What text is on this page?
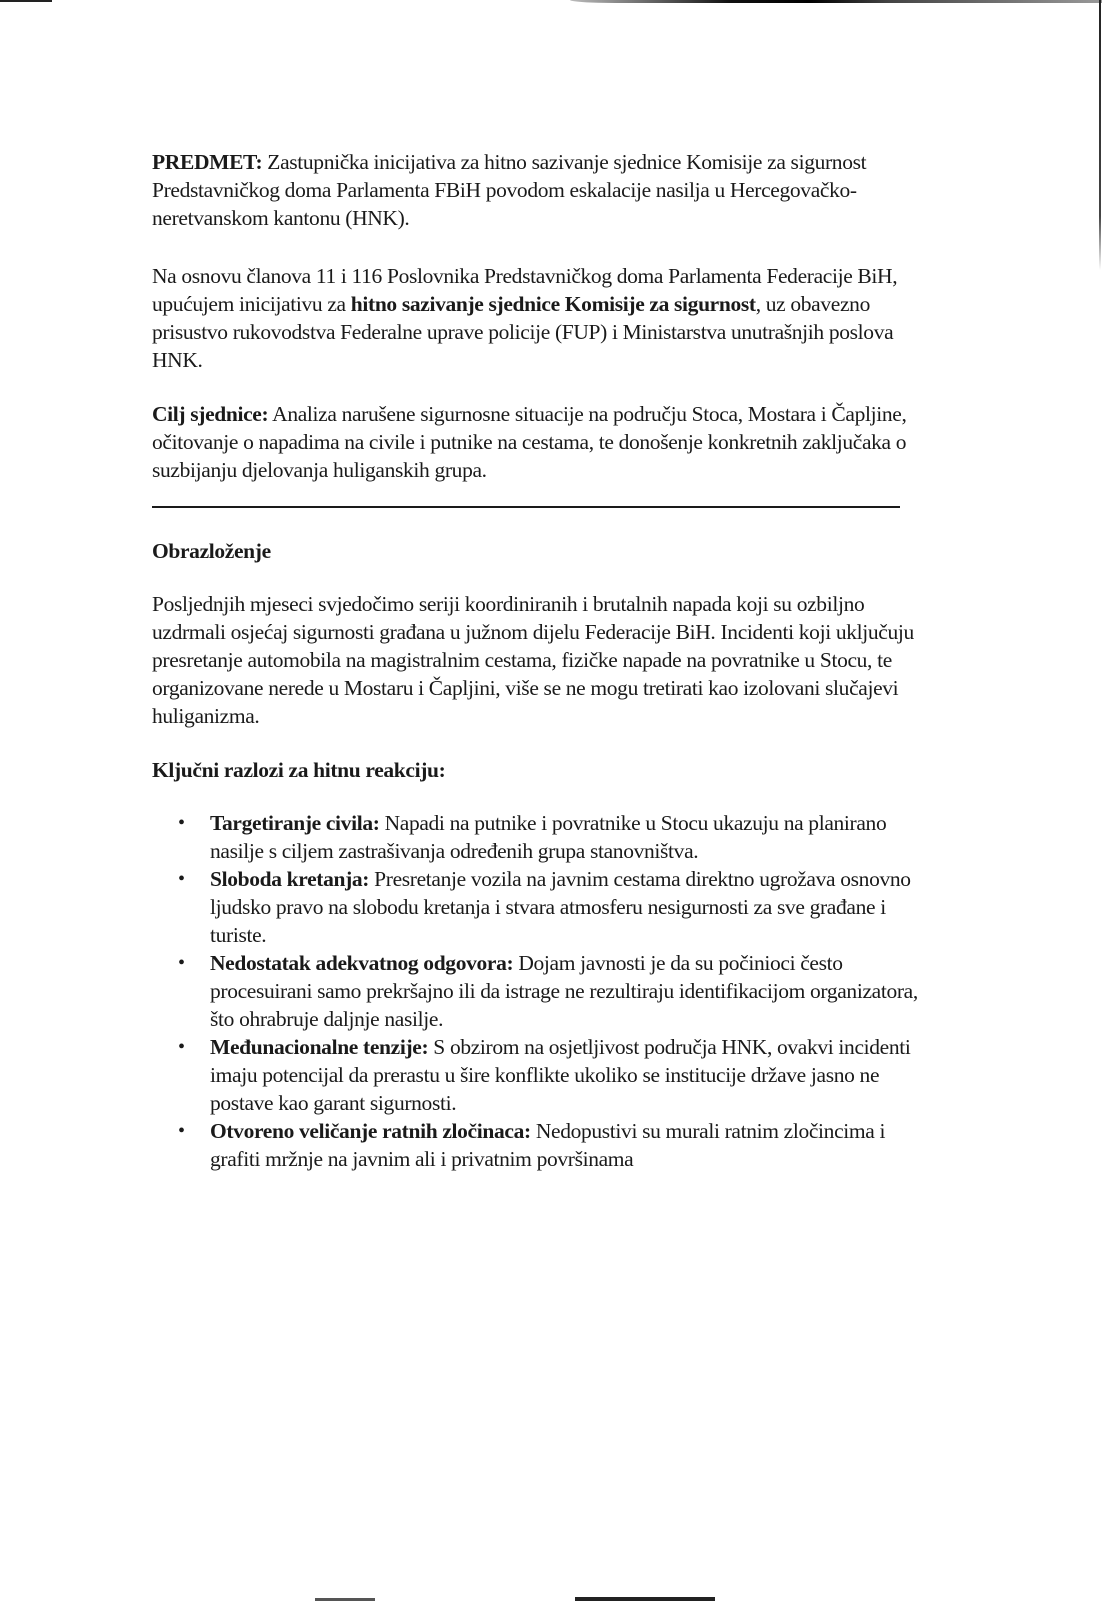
PREDMET: Zastupnička inicijativa za hitno sazivanje sjednice Komisije za sigurnost Predstavničkog doma Parlamenta FBiH povodom eskalacije nasilja u Hercegovačko-neretvanskom kantonu (HNK).

Na osnovu članova 11 i 116 Poslovnika Predstavničkog doma Parlamenta Federacije BiH, upućujem inicijativu za hitno sazivanje sjednice Komisije za sigurnost, uz obavezno prisustvo rukovodstva Federalne uprave policije (FUP) i Ministarstva unutrašnjih poslova HNK.

Cilj sjednice: Analiza narušene sigurnosne situacije na području Stoca, Mostara i Čapljine, očitovanje o napadima na civile i putnike na cestama, te donošenje konkretnih zaključaka o suzbijanju djelovanja huliganskih grupa.

Obrazloženje

Posljednjih mjeseci svjedočimo seriji koordiniranih i brutalnih napada koji su ozbiljno uzdrmali osjećaj sigurnosti građana u južnom dijelu Federacije BiH. Incidenti koji uključuju presretanje automobila na magistralnim cestama, fizičke napade na povratnike u Stocu, te organizovane nerede u Mostaru i Čapljini, više se ne mogu tretirati kao izolovani slučajevi huliganizma.

Ključni razlozi za hitnu reakciju:

• Targetiranje civila: Napadi na putnike i povratnike u Stocu ukazuju na planirano nasilje s ciljem zastrašivanja određenih grupa stanovništva.
• Sloboda kretanja: Presretanje vozila na javnim cestama direktno ugrožava osnovno ljudsko pravo na slobodu kretanja i stvara atmosferu nesigurnosti za sve građane i turiste.
• Nedostatak adekvatnog odgovora: Dojam javnosti je da su počinioci često procesuirani samo prekršajno ili da istrage ne rezultiraju identifikacijom organizatora, što ohrabruje daljnje nasilje.
• Međunacionalne tenzije: S obzirom na osjetljivost područja HNK, ovakvi incidenti imaju potencijal da prerastu u šire konflikte ukoliko se institucije države jasno ne postave kao garant sigurnosti.
• Otvoreno veličanje ratnih zločinaca: Nedopustivi su murali ratnim zločincima i grafiti mržnje na javnim ali i privatnim površinama
